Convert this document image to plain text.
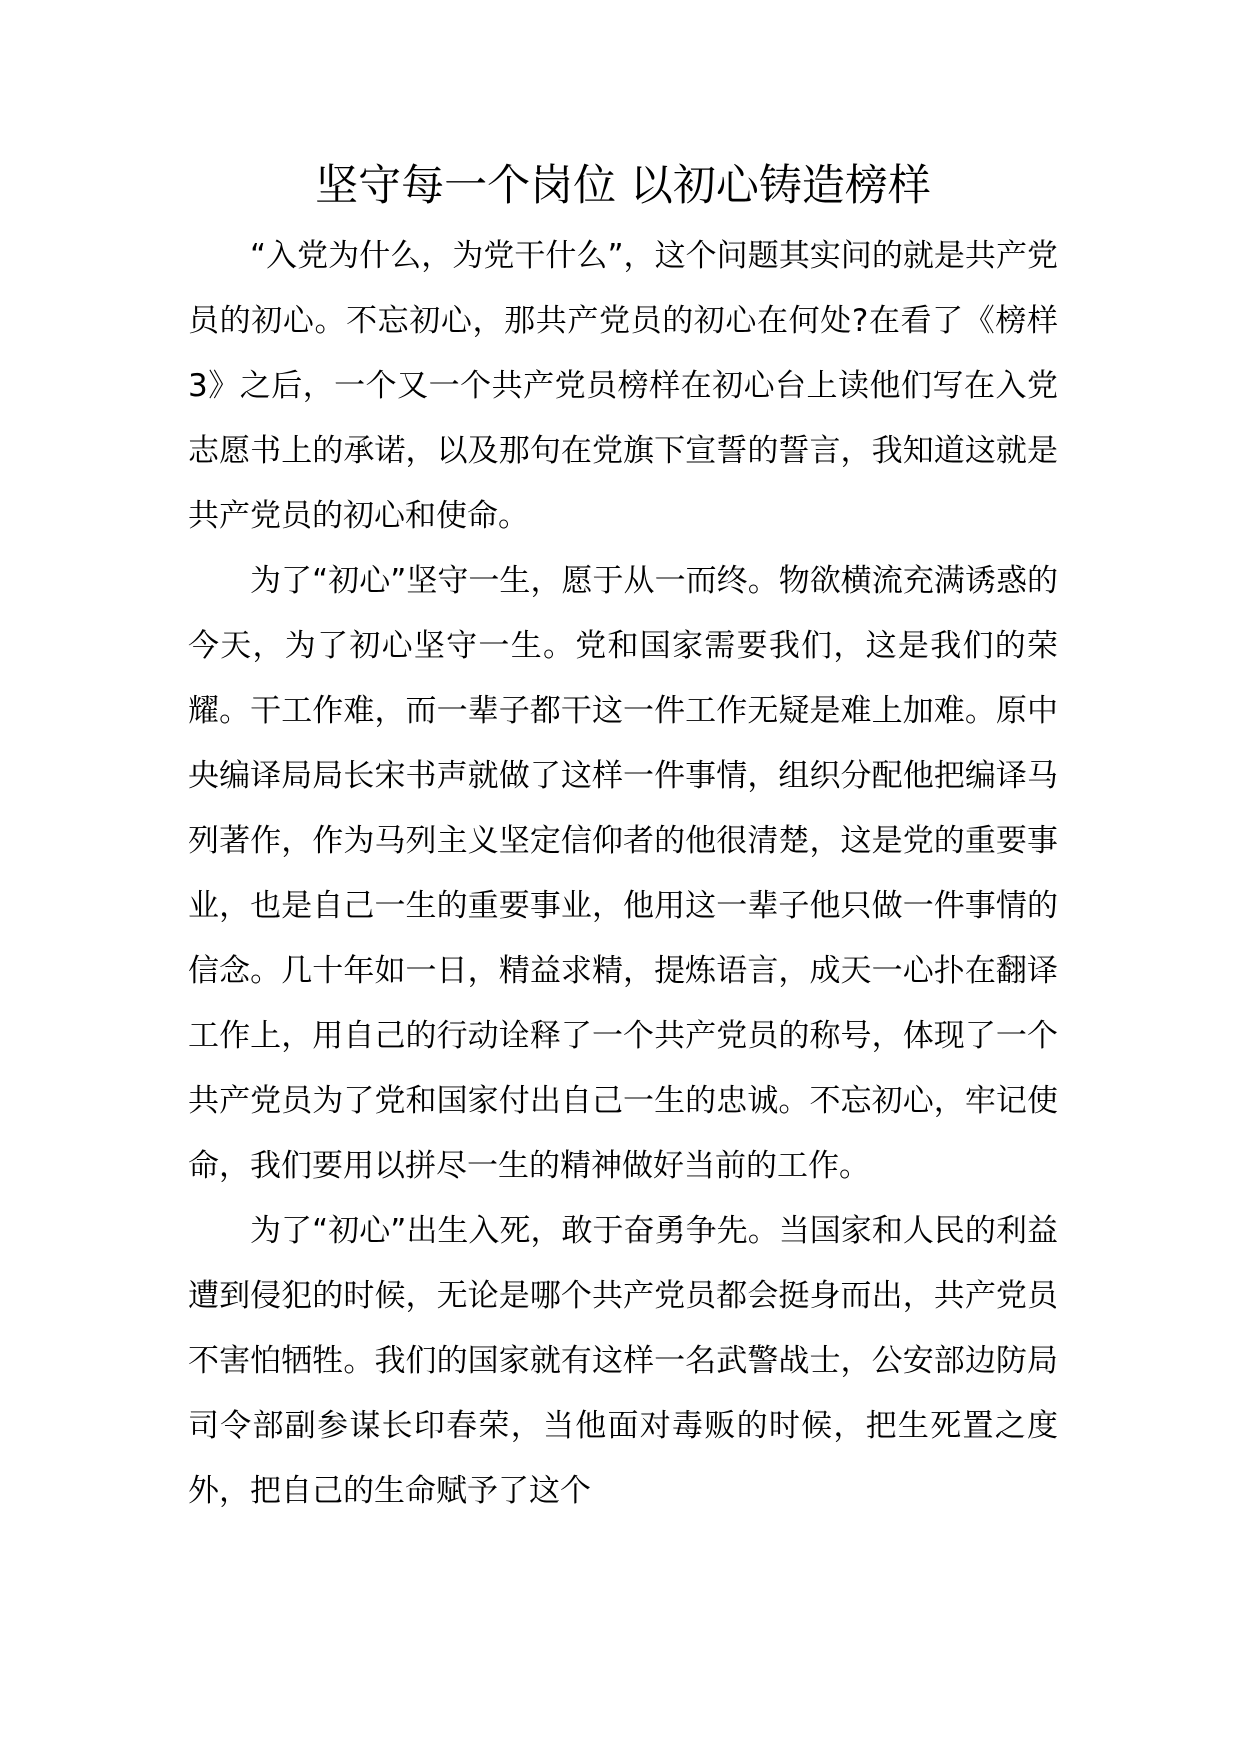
坚守每一个岗位 以初心铸造榜样

“入党为什么，为党干什么”，这个问题其实问的就是共产党员的初心。不忘初心，那共产党员的初心在何处?在看了《榜样3》之后，一个又一个共产党员榜样在初心台上读他们写在入党志愿书上的承诺，以及那句在党旗下宣誓的誓言，我知道这就是共产党员的初心和使命。

为了“初心”坚守一生，愿于从一而终。物欲横流充满诱惑的今天，为了初心坚守一生。党和国家需要我们，这是我们的荣耀。干工作难，而一辈子都干这一件工作无疑是难上加难。原中央编译局局长宋书声就做了这样一件事情，组织分配他把编译马列著作，作为马列主义坚定信仰者的他很清楚，这是党的重要事业，也是自己一生的重要事业，他用这一辈子他只做一件事情的信念。几十年如一日，精益求精，提炼语言，成天一心扑在翻译工作上，用自己的行动诠释了一个共产党员的称号，体现了一个共产党员为了党和国家付出自己一生的忠诚。不忘初心，牢记使命，我们要用以拼尽一生的精神做好当前的工作。

为了“初心”出生入死，敢于奋勇争先。当国家和人民的利益遭到侵犯的时候，无论是哪个共产党员都会挺身而出，共产党员不害怕牺牲。我们的国家就有这样一名武警战士，公安部边防局司令部副参谋长印春荣，当他面对毒贩的时候，把生死置之度外，把自己的生命赋予了这个
